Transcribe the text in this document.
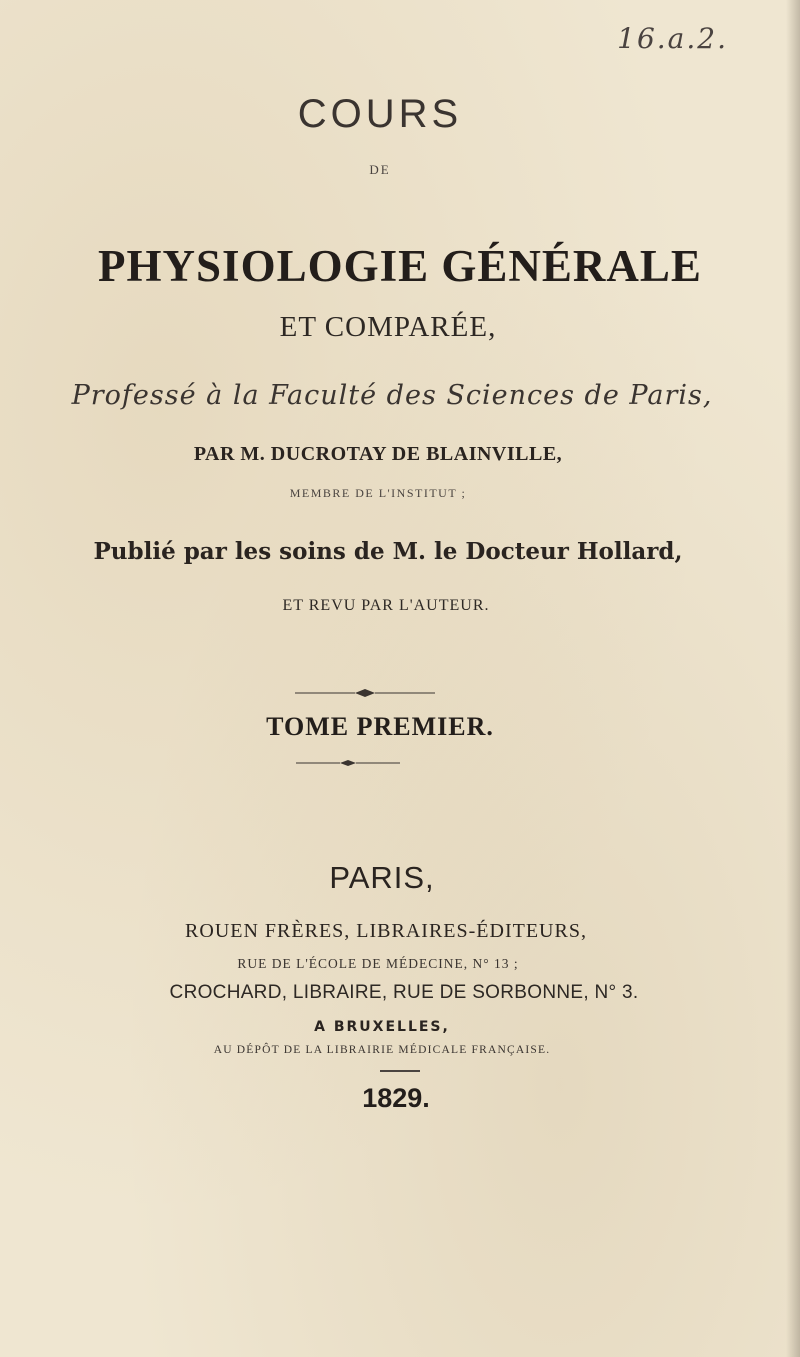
16.a.2.
COURS
DE
PHYSIOLOGIE GÉNÉRALE
ET COMPARÉE,
Professé à la Faculté des Sciences de Paris,
PAR M. DUCROTAY DE BLAINVILLE,
MEMBRE DE L'INSTITUT ;
Publié par les soins de M. le Docteur Hollard,
ET REVU PAR L'AUTEUR.
TOME PREMIER.
PARIS,
ROUEN FRÈRES, LIBRAIRES-ÉDITEURS,
RUE DE L'ÉCOLE DE MÉDECINE, N° 13 ;
CROCHARD, LIBRAIRE, RUE DE SORBONNE, N° 3.
A BRUXELLES,
AU DÉPÔT DE LA LIBRAIRIE MÉDICALE FRANÇAISE.
1829.
